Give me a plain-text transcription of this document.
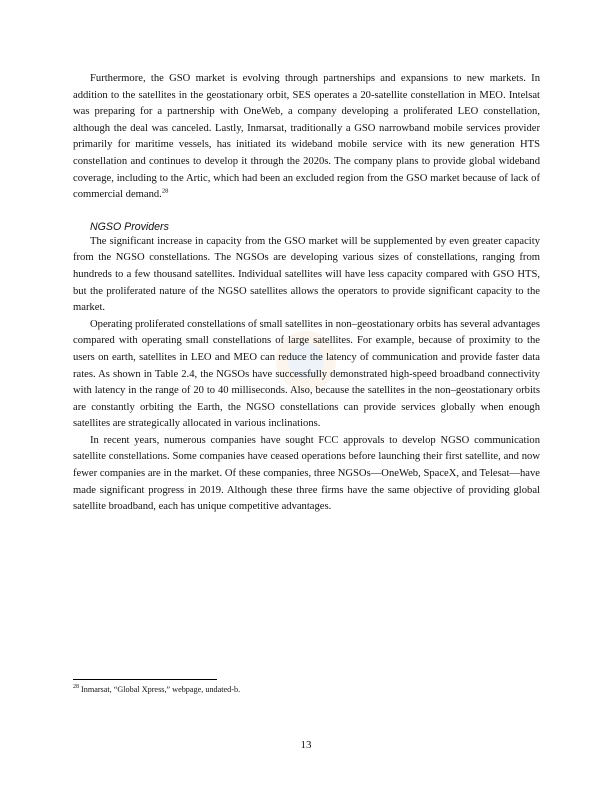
Furthermore, the GSO market is evolving through partnerships and expansions to new markets. In addition to the satellites in the geostationary orbit, SES operates a 20-satellite constellation in MEO. Intelsat was preparing for a partnership with OneWeb, a company developing a proliferated LEO constellation, although the deal was canceled. Lastly, Inmarsat, traditionally a GSO narrowband mobile services provider primarily for maritime vessels, has initiated its wideband mobile service with its new generation HTS constellation and continues to develop it through the 2020s. The company plans to provide global wideband coverage, including to the Artic, which had been an excluded region from the GSO market because of lack of commercial demand.$^{28}$

NGSO Providers

The significant increase in capacity from the GSO market will be supplemented by even greater capacity from the NGSO constellations. The NGSOs are developing various sizes of constellations, ranging from hundreds to a few thousand satellites. Individual satellites will have less capacity compared with GSO HTS, but the proliferated nature of the NGSO satellites allows the operators to provide significant capacity to the market.

Operating proliferated constellations of small satellites in non–geostationary orbits has several advantages compared with operating small constellations of large satellites. For example, because of proximity to the users on earth, satellites in LEO and MEO can reduce the latency of communication and provide faster data rates. As shown in Table 2.4, the NGSOs have successfully demonstrated high-speed broadband connectivity with latency in the range of 20 to 40 milliseconds. Also, because the satellites in the non–geostationary orbits are constantly orbiting the Earth, the NGSO constellations can provide services globally when enough satellites are strategically allocated in various inclinations.

In recent years, numerous companies have sought FCC approvals to develop NGSO communication satellite constellations. Some companies have ceased operations before launching their first satellite, and now fewer companies are in the market. Of these companies, three NGSOs—OneWeb, SpaceX, and Telesat—have made significant progress in 2019. Although these three firms have the same objective of providing global satellite broadband, each has unique competitive advantages.

$^{28}$ Inmarsat, “Global Xpress,” webpage, undated-b.
13
